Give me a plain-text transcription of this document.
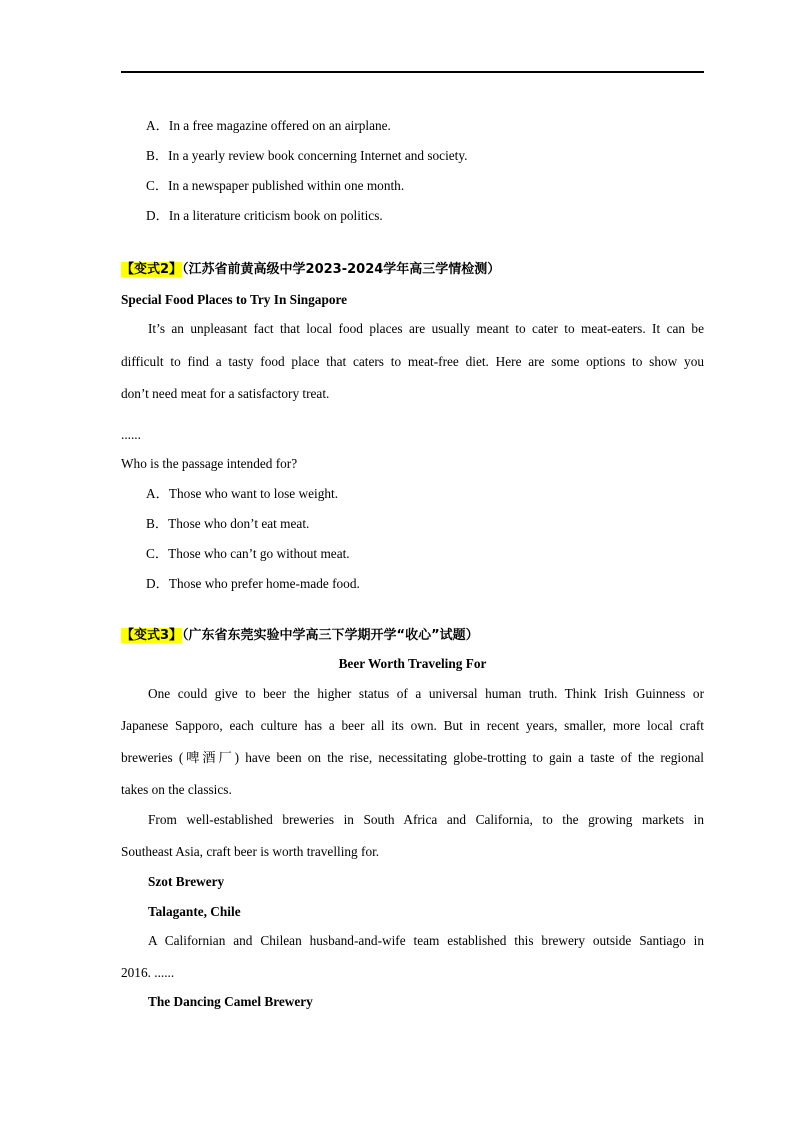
A．In a free magazine offered on an airplane.
B．In a yearly review book concerning Internet and society.
C．In a newspaper published within one month.
D．In a literature criticism book on politics.
【变式2】（江苏省前黄高级中学2023-2024学年高三学情检测）
Special Food Places to Try In Singapore
It’s an unpleasant fact that local food places are usually meant to cater to meat-eaters. It can be
difficult to find a tasty food place that caters to meat-free diet. Here are some options to show you
don’t need meat for a satisfactory treat.
......
Who is the passage intended for?
A．Those who want to lose weight.
B．Those who don’t eat meat.
C．Those who can’t go without meat.
D．Those who prefer home-made food.
【变式3】（广东省东莞实验中学高三下学期开学“收心”试题）
Beer Worth Traveling For
One could give to beer the higher status of a universal human truth. Think Irish Guinness or
Japanese Sapporo, each culture has a beer all its own. But in recent years, smaller, more local craft
breweries (啤酒厂) have been on the rise, necessitating globe-trotting to gain a taste of the regional
takes on the classics.
From well-established breweries in South Africa and California, to the growing markets in
Southeast Asia, craft beer is worth travelling for.
Szot Brewery
Talagante, Chile
A Californian and Chilean husband-and-wife team established this brewery outside Santiago in
2016. ......
The Dancing Camel Brewery
